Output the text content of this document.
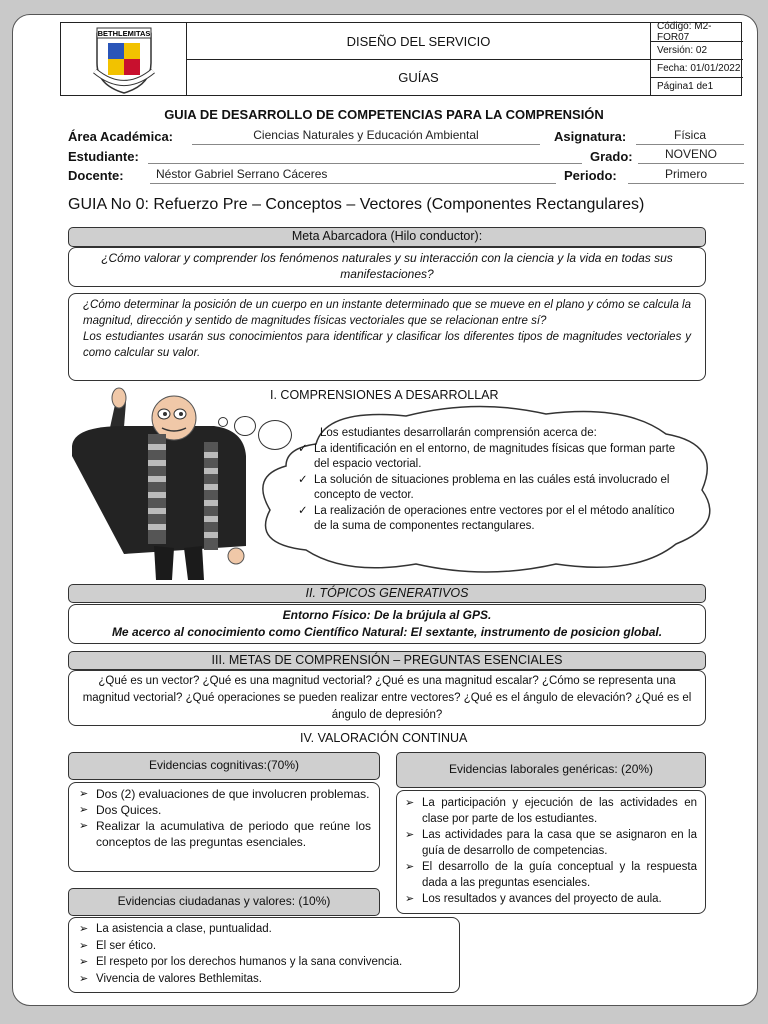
BETHLEMITAS	DISEÑO DEL SERVICIO
GUÍAS
Código: M2- FOR07
Versión: 02
Fecha: 01/01/2022
Página1 de1
GUIA DE DESARROLLO DE COMPETENCIAS PARA LA COMPRENSIÓN
Área Académica:	Ciencias Naturales y Educación Ambiental	Asignatura:	Física
Estudiante:	Grado:	NOVENO
Docente:	Néstor Gabriel Serrano Cáceres	Periodo:	Primero
GUIA No 0: Refuerzo Pre – Conceptos – Vectores (Componentes Rectangulares)
Meta Abarcadora (Hilo conductor):
¿Cómo valorar y comprender los fenómenos naturales y su interacción con la ciencia y la vida en todas sus manifestaciones?
¿Cómo determinar la posición de un cuerpo en un instante determinado que se mueve en el plano y cómo se calcula la magnitud, dirección y sentido de magnitudes físicas vectoriales que se relacionan entre sí?
Los estudiantes usarán sus conocimientos para identificar y clasificar los diferentes tipos de magnitudes vectoriales y como calcular su valor.
I. COMPRENSIONES A DESARROLLAR
Los estudiantes desarrollarán comprensión acerca de:
✓ La identificación en el entorno, de magnitudes físicas que forman parte del espacio vectorial.
✓ La solución de situaciones problema en las cuáles está involucrado el concepto de vector.
✓ La realización de operaciones entre vectores por el el método analítico de la suma de componentes rectangulares.
II. TÓPICOS GENERATIVOS
Entorno Físico: De la brújula al GPS.
Me acerco al conocimiento como Científico Natural: El sextante, instrumento de posicion global.
III. METAS DE COMPRENSIÓN – PREGUNTAS ESENCIALES
¿Qué es un vector? ¿Qué es una magnitud vectorial? ¿Qué es una magnitud escalar? ¿Cómo se representa una magnitud vectorial? ¿Qué operaciones se pueden realizar entre vectores? ¿Qué es el ángulo de elevación? ¿Qué es el ángulo de depresión?
IV. VALORACIÓN CONTINUA
Evidencias cognitivas:(70%)
➢ Dos (2) evaluaciones de que involucren problemas.
➢ Dos Quices.
➢ Realizar la acumulativa de periodo que reúne los conceptos de las preguntas esenciales.
Evidencias laborales genéricas: (20%)
➢ La participación y ejecución de las actividades en clase por parte de los estudiantes.
➢ Las actividades para la casa que se asignaron en la guía de desarrollo de competencias.
➢ El desarrollo de la guía conceptual y la respuesta dada a las preguntas esenciales.
➢ Los resultados y avances del proyecto de aula.
Evidencias ciudadanas y valores: (10%)
➢ La asistencia a clase, puntualidad.
➢ El ser ético.
➢ El respeto por los derechos humanos y la sana convivencia.
➢ Vivencia de valores Bethlemitas.
